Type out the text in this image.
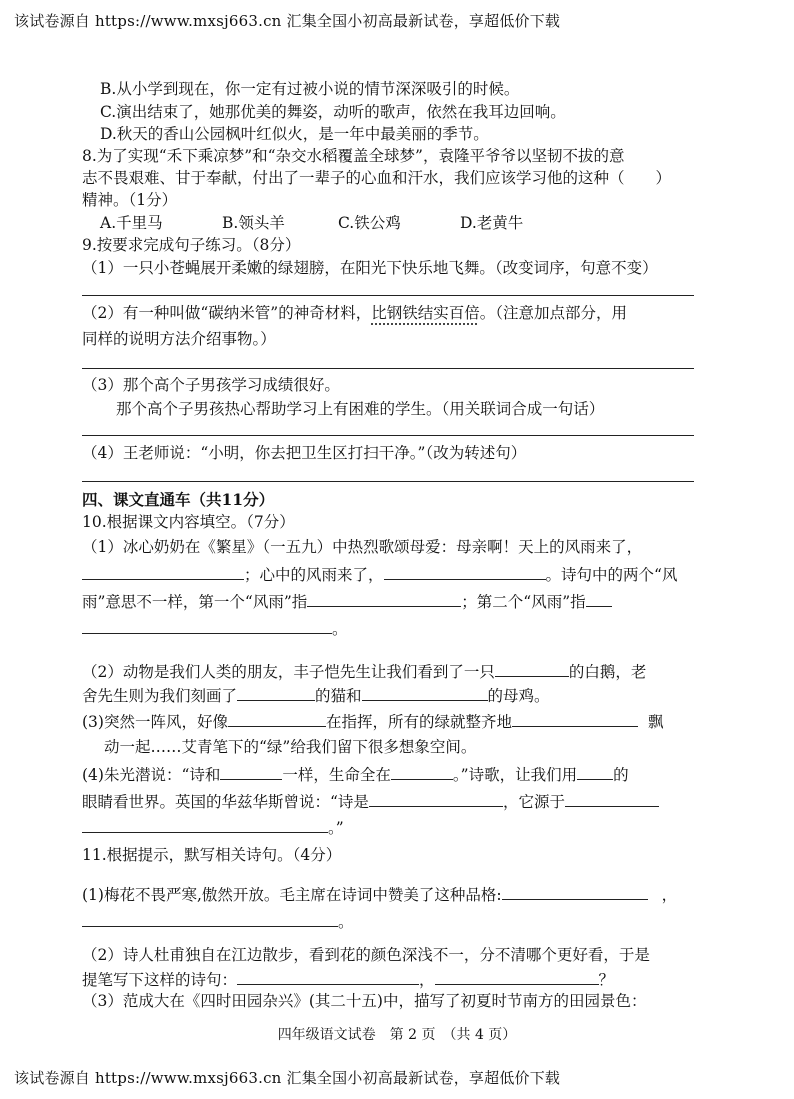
该试卷源自 https://www.mxsj663.cn 汇集全国小初高最新试卷，享超低价下载
B.从小学到现在，你一定有过被小说的情节深深吸引的时候。
C.演出结束了，她那优美的舞姿，动听的歌声，依然在我耳边回响。
D.秋天的香山公园枫叶红似火，是一年中最美丽的季节。
8.为了实现“禾下乘凉梦”和“杂交水稻覆盖全球梦”，袁隆平爷爷以坚韧不拔的意
志不畏艰难、甘于奉献，付出了一辈子的心血和汗水，我们应该学习他的这种（　　）
精神。（1分）
A.千里马	B.领头羊	C.铁公鸡	D.老黄牛
9.按要求完成句子练习。（8分）
（1）一只小苍蝇展开柔嫩的绿翅膀，在阳光下快乐地飞舞。（改变词序，句意不变）
（2）有一种叫做“碳纳米管”的神奇材料，比钢铁结实百倍。（注意加点部分，用
同样的说明方法介绍事物。）
（3）那个高个子男孩学习成绩很好。
那个高个子男孩热心帮助学习上有困难的学生。（用关联词合成一句话）
（4）王老师说：“小明，你去把卫生区打扫干净。”（改为转述句）
四、课文直通车（共11分）
10.根据课文内容填空。（7分）
（1）冰心奶奶在《繁星》（一五九）中热烈歌颂母爱：母亲啊！天上的风雨来了，
；心中的风雨来了，	。诗句中的两个“风
雨”意思不一样，第一个“风雨”指	；第二个“风雨”指
。
（2）动物是我们人类的朋友，丰子恺先生让我们看到了一只	的白鹅，老
舍先生则为我们刻画了	的猫和	的母鸡。
(3)突然一阵风，好像	在指挥，所有的绿就整齐地	飘
动一起……艾青笔下的“绿”给我们留下很多想象空间。
(4)朱光潜说：“诗和	一样，生命全在	。”诗歌，让我们用 的
眼睛看世界。英国的华兹华斯曾说：“诗是	，它源于
。”
11.根据提示，默写相关诗句。（4分）
(1)梅花不畏严寒,傲然开放。毛主席在诗词中赞美了这种品格:	，
。
（2）诗人杜甫独自在江边散步，看到花的颜色深浅不一，分不清哪个更好看，于是
提笔写下这样的诗句：	，	？
（3）范成大在《四时田园杂兴》(其二十五)中，描写了初夏时节南方的田园景色：
四年级语文试卷　第 2 页　（共 4 页）
该试卷源自 https://www.mxsj663.cn 汇集全国小初高最新试卷，享超低价下载
